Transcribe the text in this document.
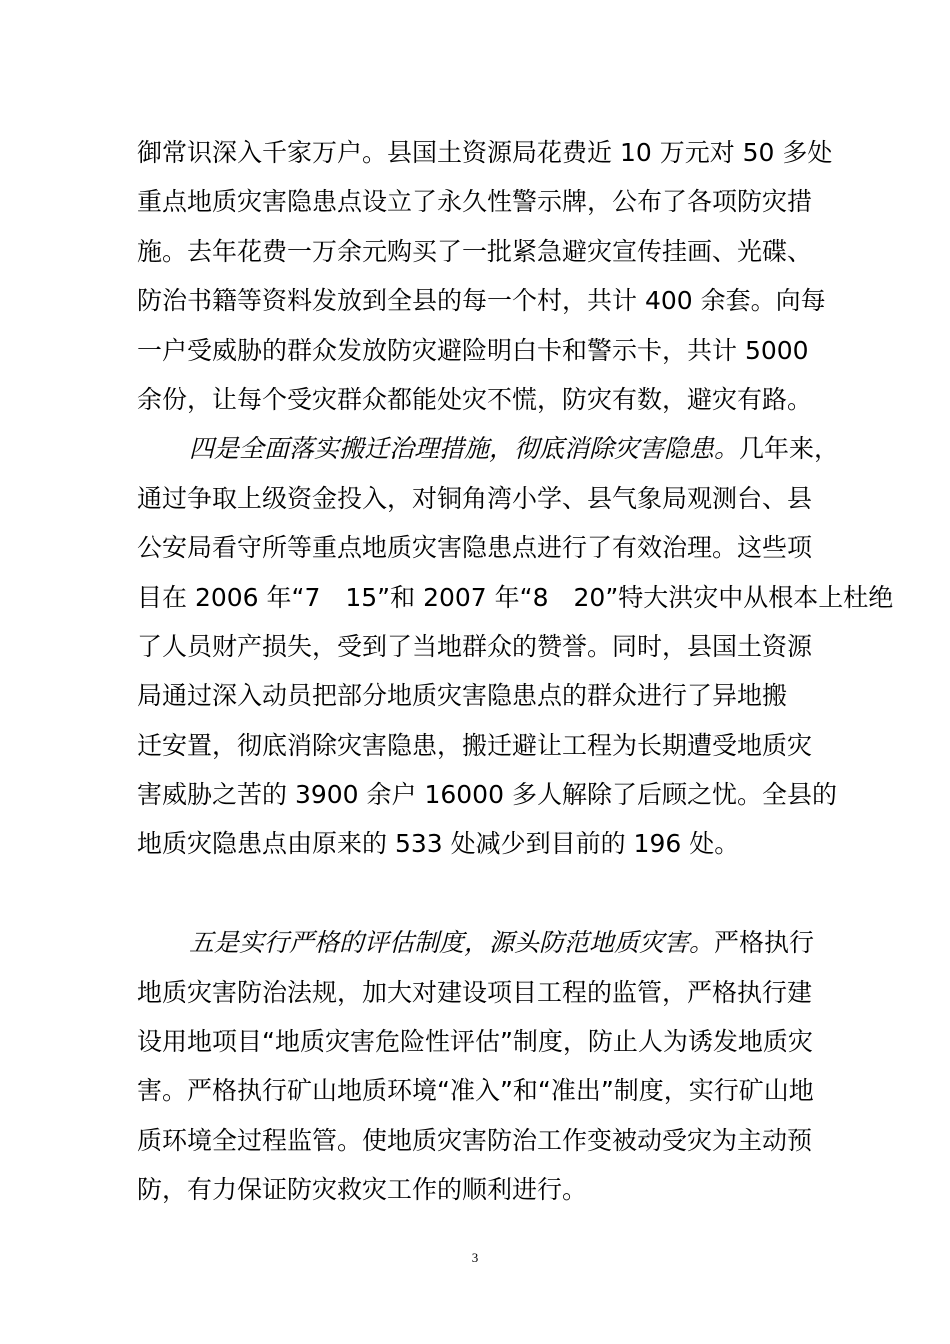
御常识深入千家万户。县国土资源局花费近 10 万元对 50 多处
重点地质灾害隐患点设立了永久性警示牌，公布了各项防灾措
施。去年花费一万余元购买了一批紧急避灾宣传挂画、光碟、
防治书籍等资料发放到全县的每一个村，共计 400 余套。向每
一户受威胁的群众发放防灾避险明白卡和警示卡，共计 5000
余份，让每个受灾群众都能处灾不慌，防灾有数，避灾有路。
四是全面落实搬迁治理措施，彻底消除灾害隐患。几年来，
通过争取上级资金投入，对铜角湾小学、县气象局观测台、县
公安局看守所等重点地质灾害隐患点进行了有效治理。这些项
目在 2006 年“7　15”和 2007 年“8　20”特大洪灾中从根本上杜绝
了人员财产损失，受到了当地群众的赞誉。同时，县国土资源
局通过深入动员把部分地质灾害隐患点的群众进行了异地搬
迁安置，彻底消除灾害隐患，搬迁避让工程为长期遭受地质灾
害威胁之苦的 3900 余户 16000 多人解除了后顾之忧。全县的
地质灾隐患点由原来的 533 处减少到目前的 196 处。
五是实行严格的评估制度，源头防范地质灾害。严格执行
地质灾害防治法规，加大对建设项目工程的监管，严格执行建
设用地项目“地质灾害危险性评估”制度，防止人为诱发地质灾
害。严格执行矿山地质环境“准入”和“准出”制度，实行矿山地
质环境全过程监管。使地质灾害防治工作变被动受灾为主动预
防，有力保证防灾救灾工作的顺利进行。
3
